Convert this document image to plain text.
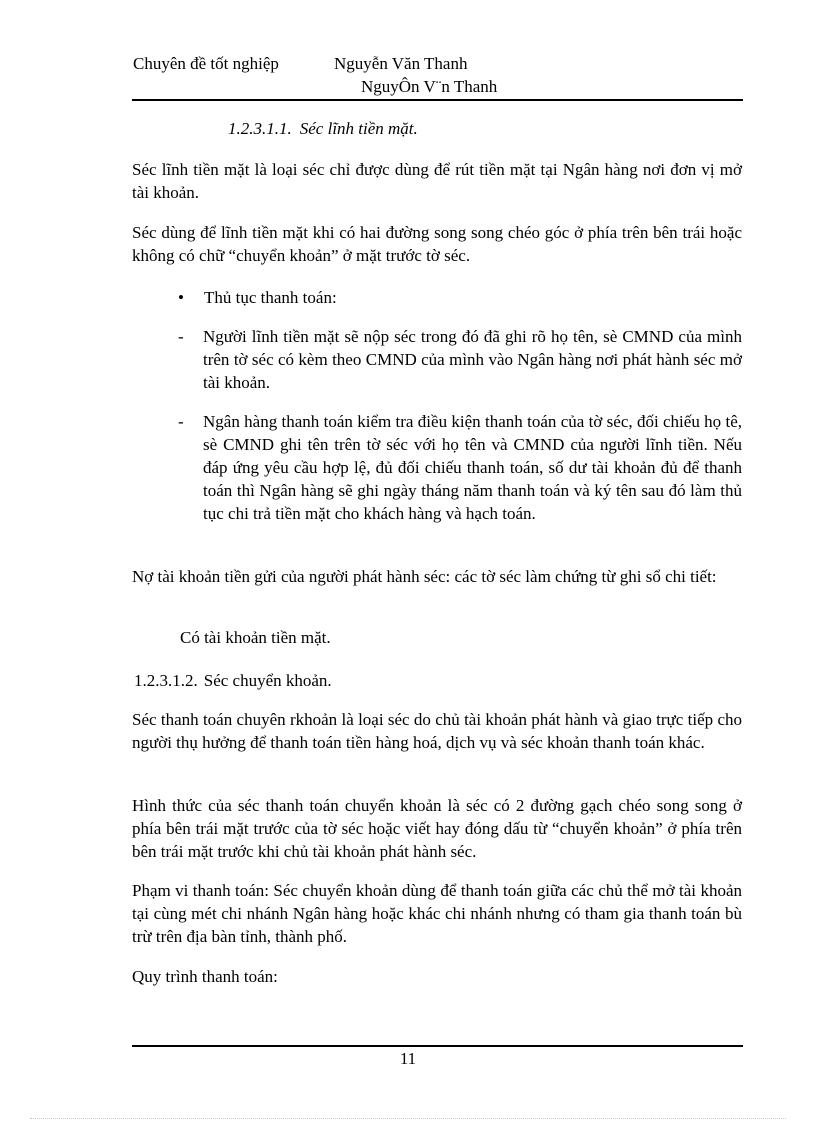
Chuyên đề tốt nghiệp	Nguyễn Văn Thanh
NguyÔn V¨n Thanh
1.2.3.1.1. Séc lĩnh tiền mặt.
Séc lĩnh tiền mặt là loại séc chỉ được dùng để rút tiền mặt tại Ngân hàng nơi đơn vị mở tài khoản.
Séc dùng để lĩnh tiền mặt khi có hai đường song song chéo góc ở phía trên bên trái hoặc không có chữ “chuyển khoản” ở mặt trước tờ séc.
• Thủ tục thanh toán:
-	Người lĩnh tiền mặt sẽ nộp séc trong đó đã ghi rõ họ tên, sè CMND của mình trên tờ séc có kèm theo CMND của mình vào Ngân hàng nơi phát hành séc mở tài khoản.
-	Ngân hàng thanh toán kiểm tra điều kiện thanh toán của tờ séc, đối chiếu họ tê, sè CMND ghi tên trên tờ séc với họ tên và CMND của người lĩnh tiền. Nếu đáp ứng yêu cầu hợp lệ, đủ đối chiếu thanh toán, số dư tài khoản đủ để thanh toán thì Ngân hàng sẽ ghi ngày tháng năm thanh toán và ký tên sau đó làm thủ tục chi trả tiền mặt cho khách hàng và hạch toán.
Nợ tài khoản tiền gửi của người phát hành séc: các tờ séc làm chứng từ ghi sổ chi tiết:
Có tài khoản tiền mặt.
1.2.3.1.2. Séc chuyển khoản.
Séc thanh toán chuyên rkhoản là loại séc do chủ tài khoản phát hành và giao trực tiếp cho người thụ hưởng để thanh toán tiền hàng hoá, dịch vụ và séc khoản thanh toán khác.
Hình thức của séc thanh toán chuyển khoản là séc có 2 đường gạch chéo song song ở phía bên trái mặt trước của tờ séc hoặc viết hay đóng dấu từ “chuyển khoản” ở phía trên bên trái mặt trước khi chủ tài khoản phát hành séc.
Phạm vi thanh toán: Séc chuyển khoản dùng để thanh toán giữa các chủ thể mở tài khoản tại cùng mét chi nhánh Ngân hàng hoặc khác chi nhánh nhưng có tham gia thanh toán bù trừ trên địa bàn tỉnh, thành phố.
Quy trình thanh toán:
11
